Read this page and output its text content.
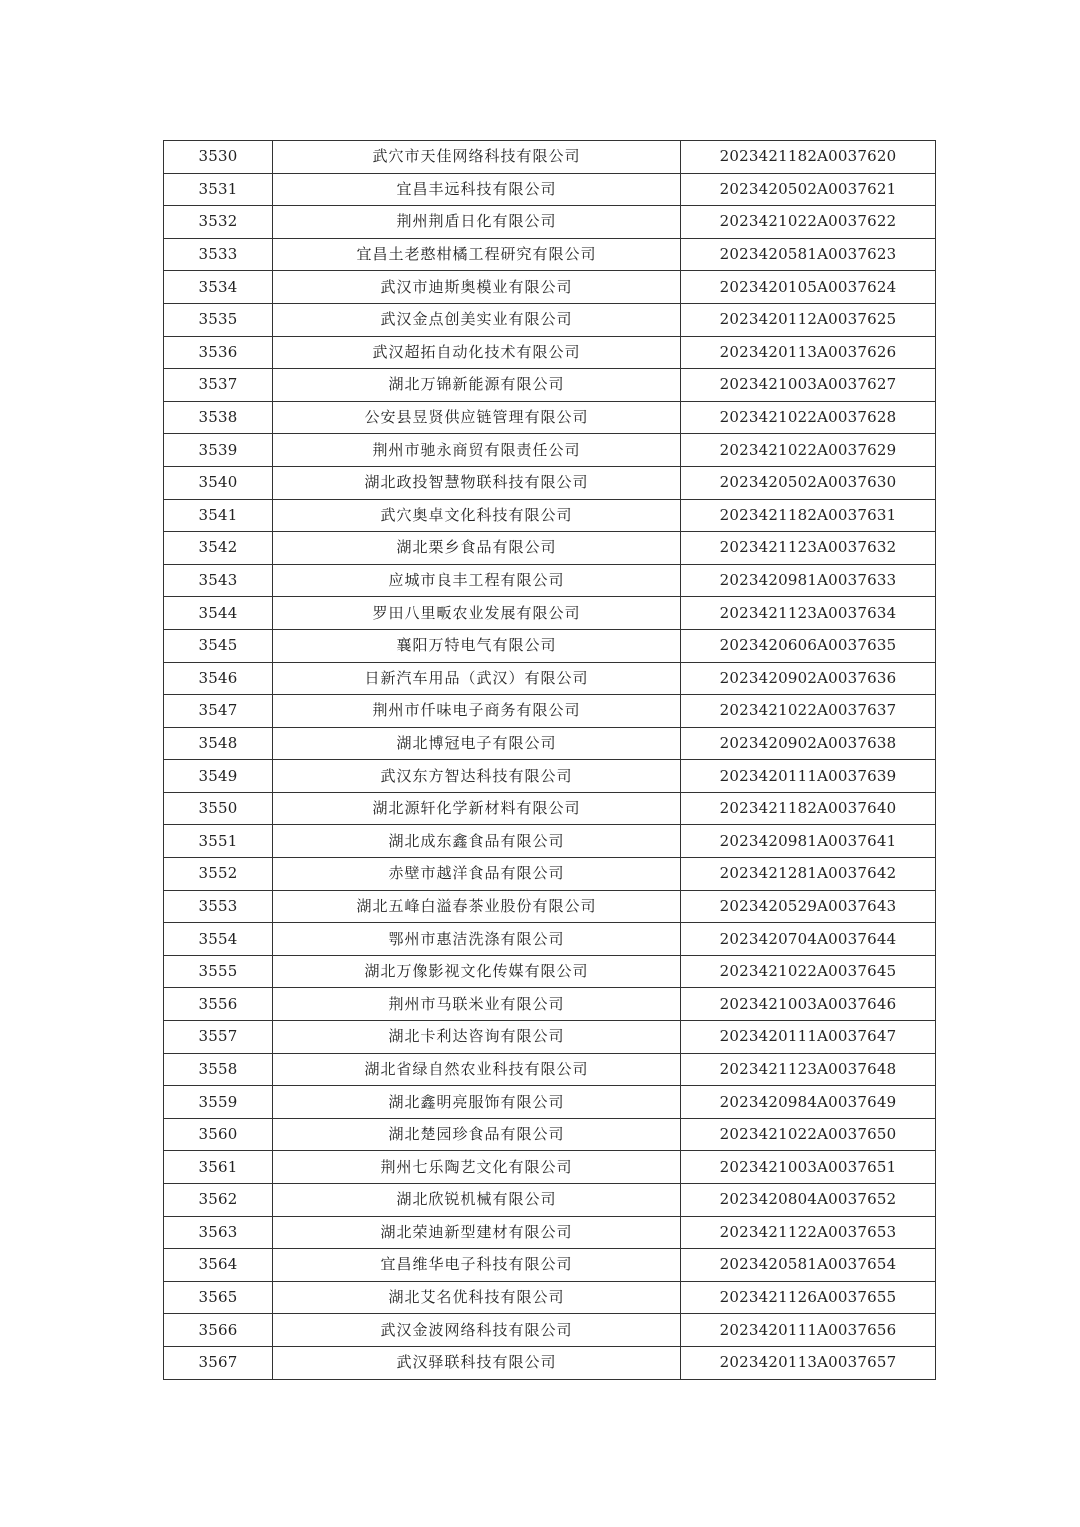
3530	武穴市天佳网络科技有限公司	2023421182A0037620
3531	宜昌丰远科技有限公司	2023420502A0037621
3532	荆州荆盾日化有限公司	2023421022A0037622
3533	宜昌土老憨柑橘工程研究有限公司	2023420581A0037623
3534	武汉市迪斯奥模业有限公司	2023420105A0037624
3535	武汉金点创美实业有限公司	2023420112A0037625
3536	武汉超拓自动化技术有限公司	2023420113A0037626
3537	湖北万锦新能源有限公司	2023421003A0037627
3538	公安县昱贤供应链管理有限公司	2023421022A0037628
3539	荆州市驰永商贸有限责任公司	2023421022A0037629
3540	湖北政投智慧物联科技有限公司	2023420502A0037630
3541	武穴奥卓文化科技有限公司	2023421182A0037631
3542	湖北栗乡食品有限公司	2023421123A0037632
3543	应城市良丰工程有限公司	2023420981A0037633
3544	罗田八里畈农业发展有限公司	2023421123A0037634
3545	襄阳万特电气有限公司	2023420606A0037635
3546	日新汽车用品（武汉）有限公司	2023420902A0037636
3547	荆州市仟味电子商务有限公司	2023421022A0037637
3548	湖北博冠电子有限公司	2023420902A0037638
3549	武汉东方智达科技有限公司	2023420111A0037639
3550	湖北源轩化学新材料有限公司	2023421182A0037640
3551	湖北成东鑫食品有限公司	2023420981A0037641
3552	赤壁市越洋食品有限公司	2023421281A0037642
3553	湖北五峰白溢春茶业股份有限公司	2023420529A0037643
3554	鄂州市惠洁洗涤有限公司	2023420704A0037644
3555	湖北万像影视文化传媒有限公司	2023421022A0037645
3556	荆州市马联米业有限公司	2023421003A0037646
3557	湖北卡利达咨询有限公司	2023420111A0037647
3558	湖北省绿自然农业科技有限公司	2023421123A0037648
3559	湖北鑫明亮服饰有限公司	2023420984A0037649
3560	湖北楚园珍食品有限公司	2023421022A0037650
3561	荆州七乐陶艺文化有限公司	2023421003A0037651
3562	湖北欣锐机械有限公司	2023420804A0037652
3563	湖北荣迪新型建材有限公司	2023421122A0037653
3564	宜昌维华电子科技有限公司	2023420581A0037654
3565	湖北艾名优科技有限公司	2023421126A0037655
3566	武汉金波网络科技有限公司	2023420111A0037656
3567	武汉驿联科技有限公司	2023420113A0037657
